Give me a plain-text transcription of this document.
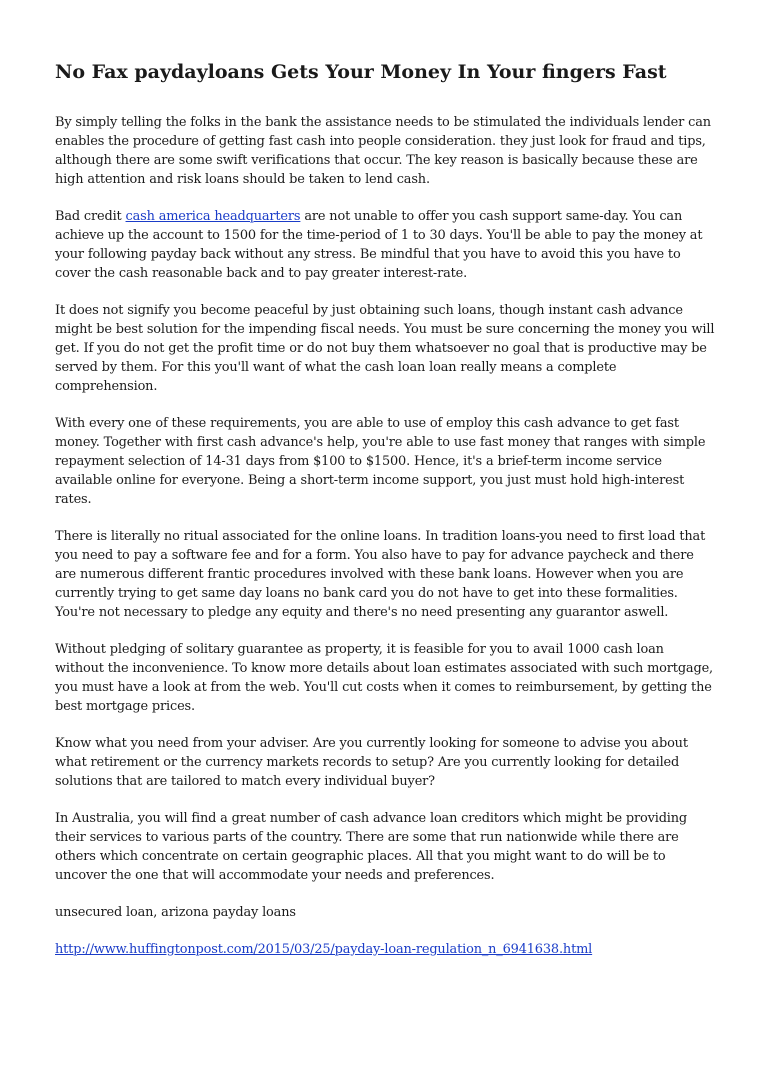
No Fax paydayloans Gets Your Money In Your fingers Fast

By simply telling the folks in the bank the assistance needs to be stimulated the individuals lender can enables the procedure of getting fast cash into people consideration. they just look for fraud and tips, although there are some swift verifications that occur. The key reason is basically because these are high attention and risk loans should be taken to lend cash.

Bad credit cash america headquarters are not unable to offer you cash support same-day. You can achieve up the account to 1500 for the time-period of 1 to 30 days. You'll be able to pay the money at your following payday back without any stress. Be mindful that you have to avoid this you have to cover the cash reasonable back and to pay greater interest-rate.

It does not signify you become peaceful by just obtaining such loans, though instant cash advance might be best solution for the impending fiscal needs. You must be sure concerning the money you will get. If you do not get the profit time or do not buy them whatsoever no goal that is productive may be served by them. For this you'll want of what the cash loan loan really means a complete comprehension.

With every one of these requirements, you are able to use of employ this cash advance to get fast money. Together with first cash advance's help, you're able to use fast money that ranges with simple repayment selection of 14-31 days from $100 to $1500. Hence, it's a brief-term income service available online for everyone. Being a short-term income support, you just must hold high-interest rates.

There is literally no ritual associated for the online loans. In tradition loans-you need to first load that you need to pay a software fee and for a form. You also have to pay for advance paycheck and there are numerous different frantic procedures involved with these bank loans. However when you are currently trying to get same day loans no bank card you do not have to get into these formalities. You're not necessary to pledge any equity and there's no need presenting any guarantor aswell.

Without pledging of solitary guarantee as property, it is feasible for you to avail 1000 cash loan without the inconvenience. To know more details about loan estimates associated with such mortgage, you must have a look at from the web. You'll cut costs when it comes to reimbursement, by getting the best mortgage prices.

Know what you need from your adviser. Are you currently looking for someone to advise you about what retirement or the currency markets records to setup? Are you currently looking for detailed solutions that are tailored to match every individual buyer?

In Australia, you will find a great number of cash advance loan creditors which might be providing their services to various parts of the country. There are some that run nationwide while there are others which concentrate on certain geographic places. All that you might want to do will be to uncover the one that will accommodate your needs and preferences.

unsecured loan, arizona payday loans

http://www.huffingtonpost.com/2015/03/25/payday-loan-regulation_n_6941638.html
